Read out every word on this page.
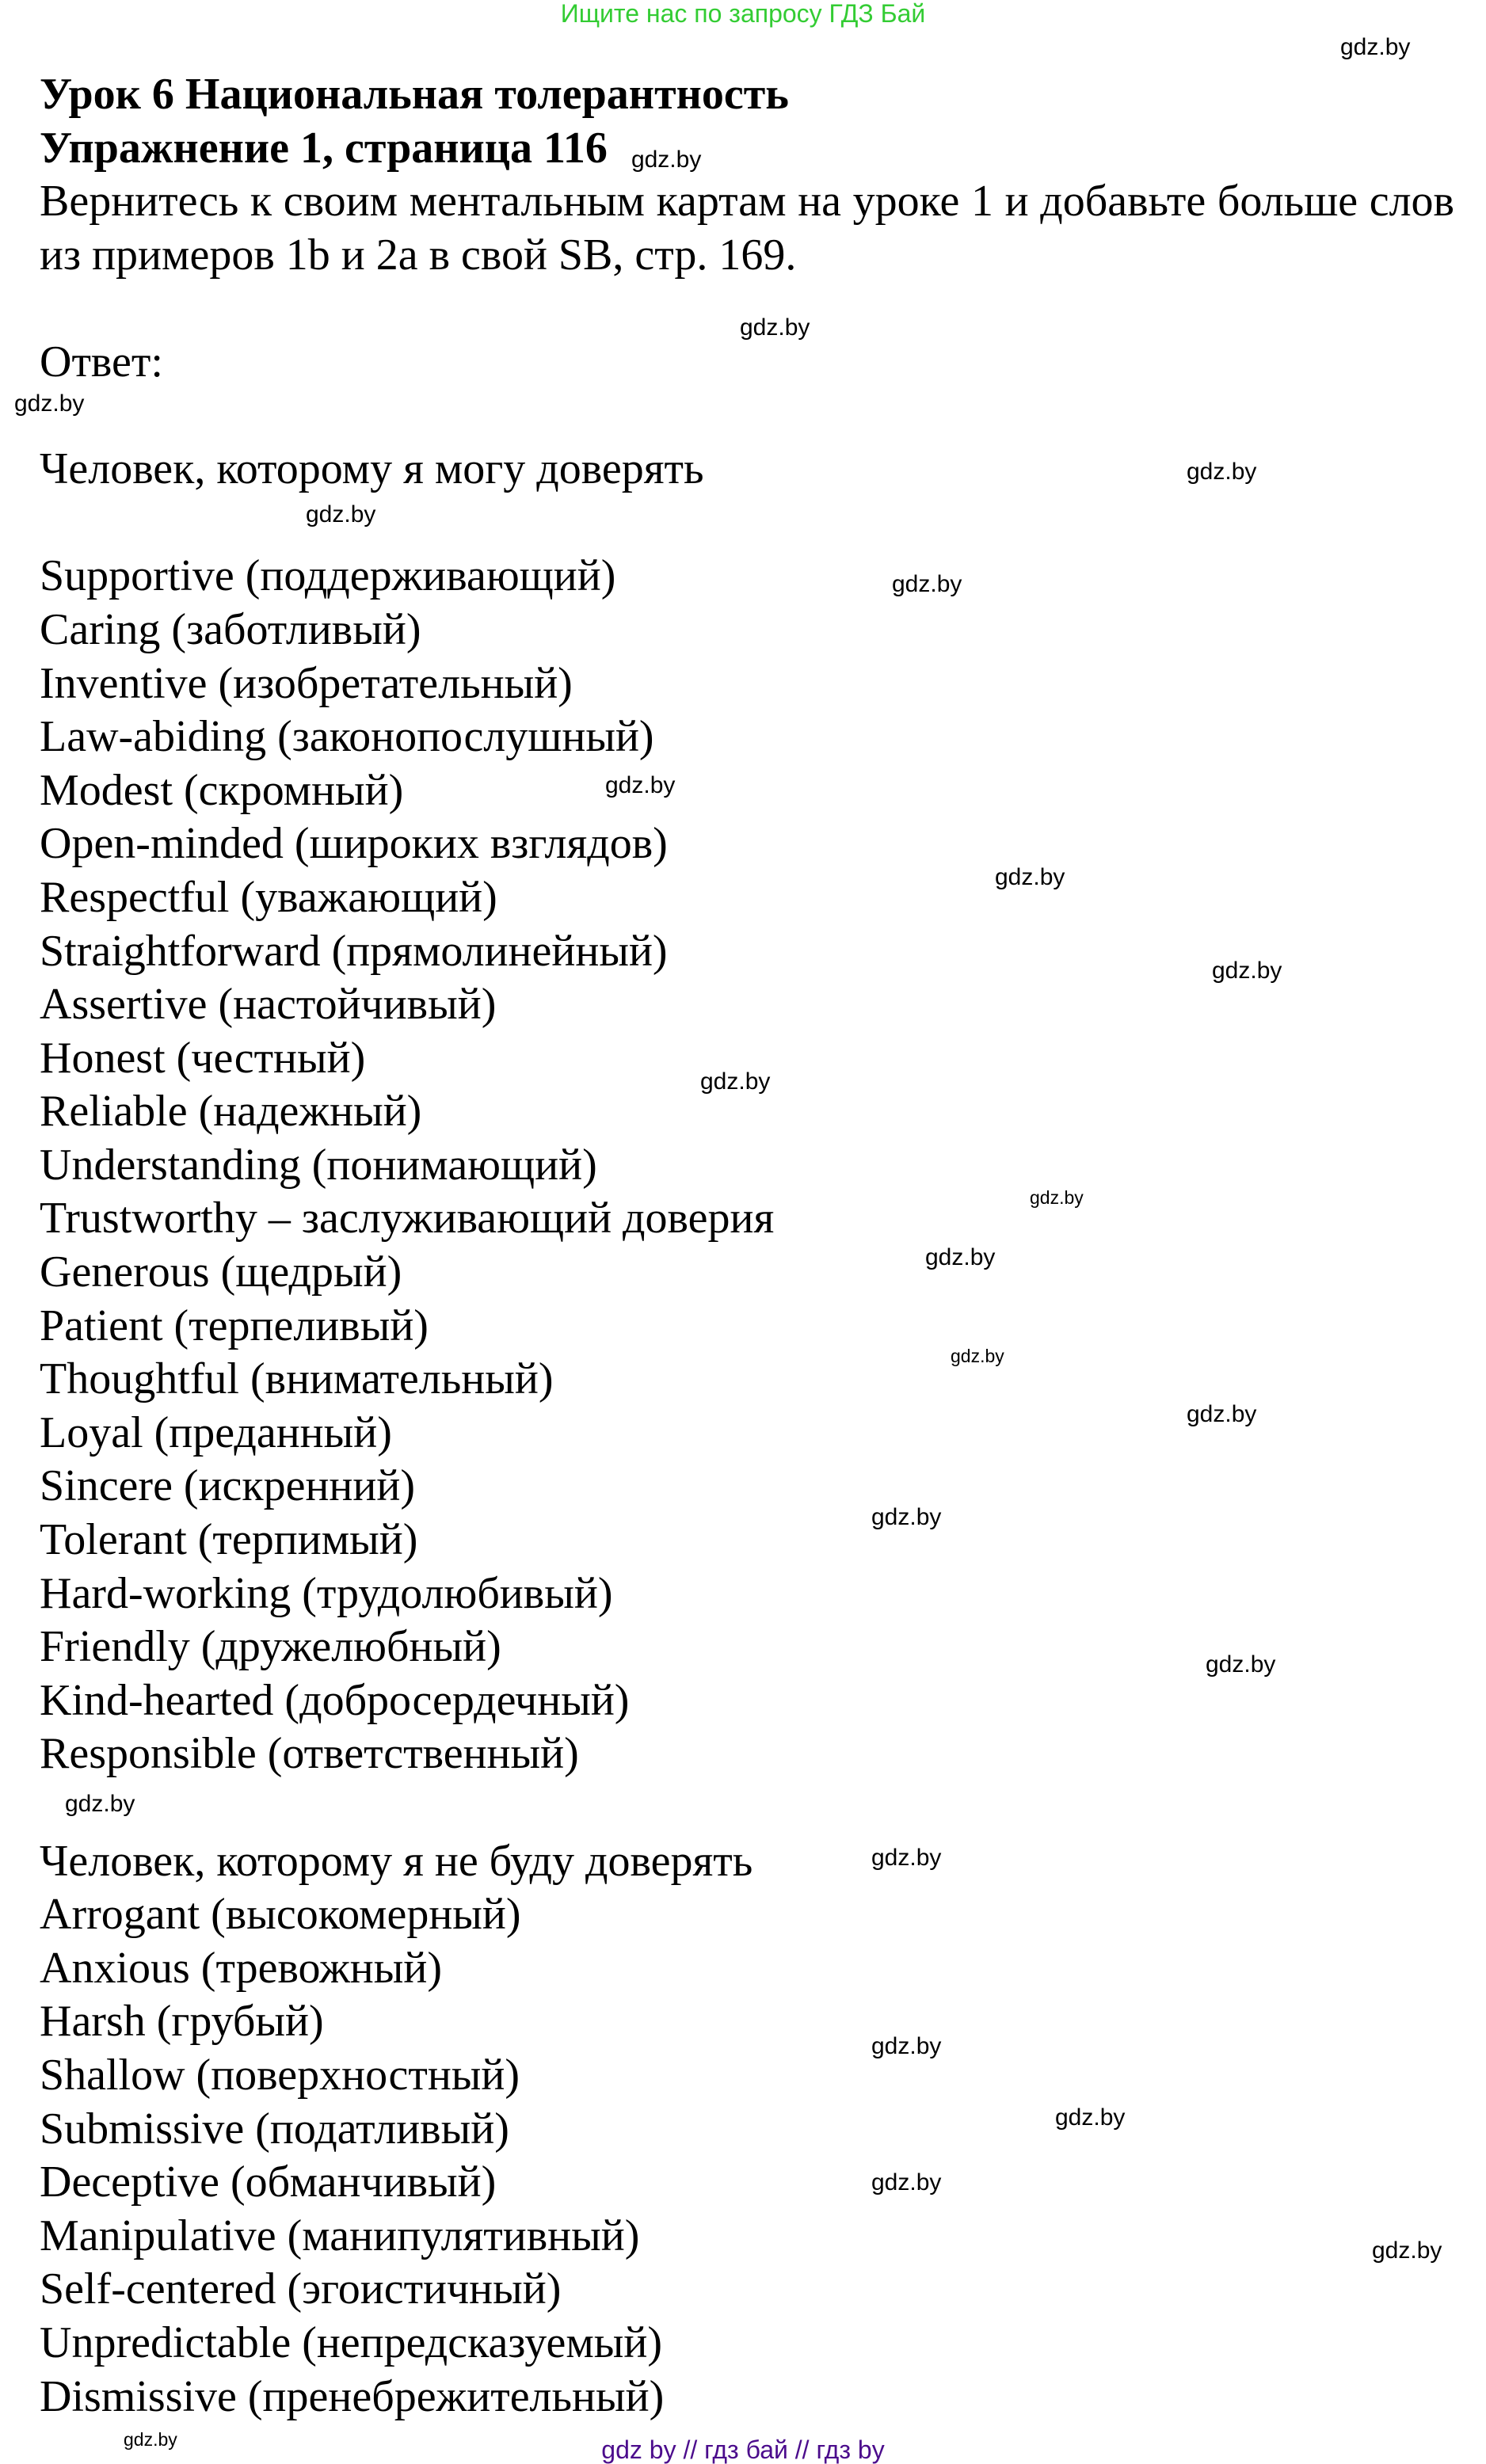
Ищите нас по запросу ГДЗ Бай
Урок 6 Национальная толерантность
Упражнение 1, страница 116 gdz.by
Вернитесь к своим ментальным картам на уроке 1 и добавьте больше слов из примеров 1b и 2a в свой SB, стр. 169.
Ответ:
Человек, которому я могу доверять
Supportive (поддерживающий)
Caring (заботливый)
Inventive (изобретательный)
Law-abiding (законопослушный)
Modest (скромный)
Open-minded (широких взглядов)
Respectful (уважающий)
Straightforward (прямолинейный)
Assertive (настойчивый)
Honest (честный)
Reliable (надежный)
Understanding (понимающий)
Trustworthy – заслуживающий доверия
Generous (щедрый)
Patient (терпеливый)
Thoughtful (внимательный)
Loyal (преданный)
Sincere (искренний)
Tolerant (терпимый)
Hard-working (трудолюбивый)
Friendly (дружелюбный)
Kind-hearted (добросердечный)
Responsible (ответственный)
Человек, которому я не буду доверять
Arrogant (высокомерный)
Anxious (тревожный)
Harsh (грубый)
Shallow (поверхностный)
Submissive (податливый)
Deceptive (обманчивый)
Manipulative (манипулятивный)
Self-centered (эгоистичный)
Unpredictable (непредсказуемый)
Dismissive (пренебрежительный)
gdz.by
gdz.by
gdz.by
gdz.by
gdz.by
gdz.by
gdz.by
gdz.by
gdz.by
gdz.by
gdz.by
gdz.by
gdz.by
gdz.by
gdz.by
gdz.by
gdz.by
gdz.by
gdz.by
gdz.by
gdz.by
gdz.by
gdz.by	gdz by // гдз бай // гдз by
